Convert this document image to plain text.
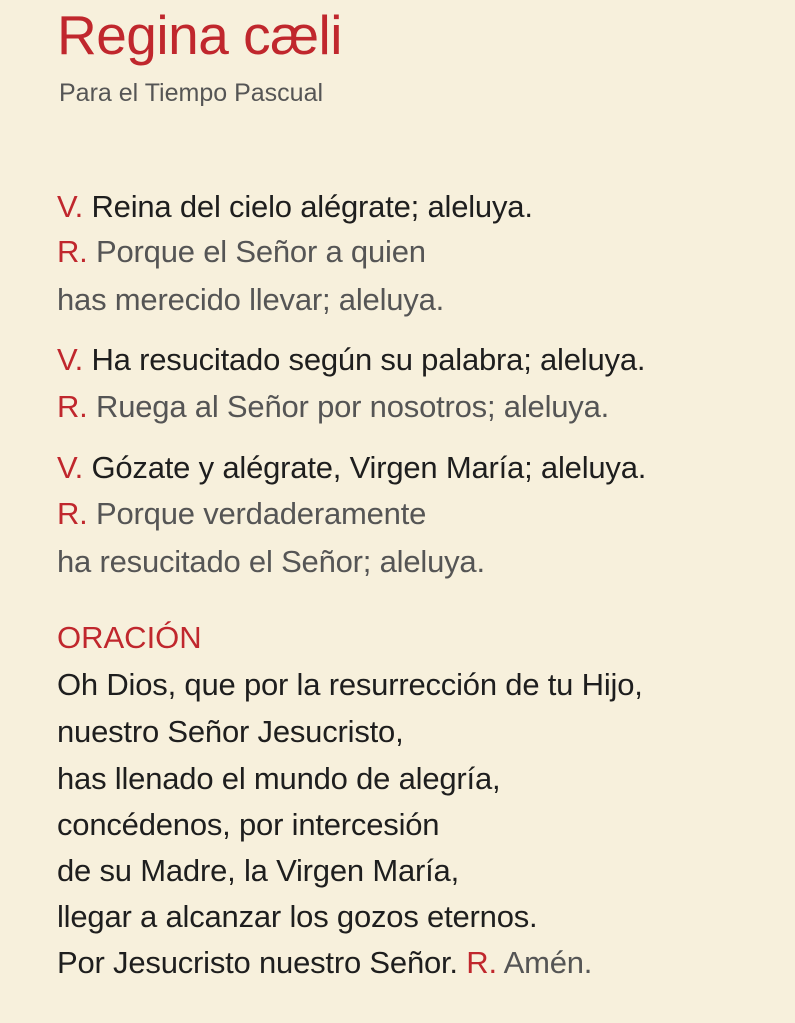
Regina cæli
Para el Tiempo Pascual
V. Reina del cielo alégrate; aleluya.
R. Porque el Señor a quien
has merecido llevar; aleluya.
V. Ha resucitado según su palabra; aleluya.
R. Ruega al Señor por nosotros; aleluya.
V. Gózate y alégrate, Virgen María; aleluya.
R. Porque verdaderamente
ha resucitado el Señor; aleluya.
ORACIÓN
Oh Dios, que por la resurrección de tu Hijo,
nuestro Señor Jesucristo,
has llenado el mundo de alegría,
concédenos, por intercesión
de su Madre, la Virgen María,
llegar a alcanzar los gozos eternos.
Por Jesucristo nuestro Señor. R. Amén.
